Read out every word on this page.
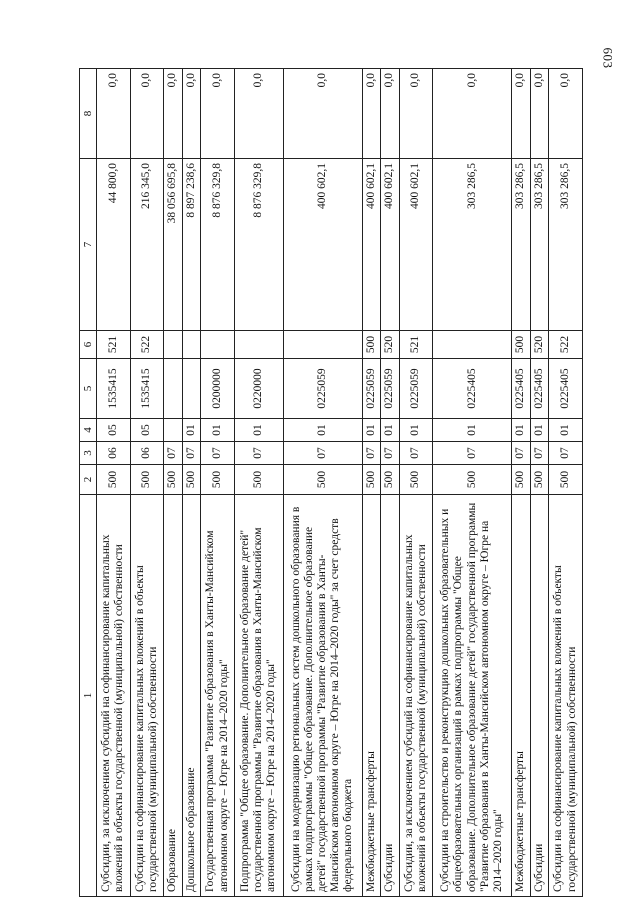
603
1	2	3	4	5	6	7	8
Субсидии, за исключением субсидий на софинансирование капитальных вложений в объекты государственной (муниципальной) собственности	500	06	05	1535415	521	44 800,0	0,0
Субсидии на софинансирование капитальных вложений в объекты государственной (муниципальной) собственности	500	06	05	1535415	522	216 345,0	0,0
Образование	500	07				38 056 695,8	0,0
Дошкольное образование	500	07	01			8 897 238,6	0,0
Государственная программа "Развитие образования в Ханты-Мансийском автономном округе – Югре на 2014–2020 годы"	500	07	01	0200000		8 876 329,8	0,0
Подпрограмма "Общее образование. Дополнительное образование детей" государственной программы "Развитие образования в Ханты-Мансийском автономном округе – Югре на 2014–2020 годы"	500	07	01	0220000		8 876 329,8	0,0
Субсидии на модернизацию региональных систем дошкольного образования в рамках подпрограммы "Общее образование. Дополнительное образование детей" государственной программы "Развитие образования в Ханты-Мансийском автономном округе – Югре на 2014–2020 годы" за счет средств федерального бюджета	500	07	01	0225059		400 602,1	0,0
Межбюджетные трансферты	500	07	01	0225059	500	400 602,1	0,0
Субсидии	500	07	01	0225059	520	400 602,1	0,0
Субсидии, за исключением субсидий на софинансирование капитальных вложений в объекты государственной (муниципальной) собственности	500	07	01	0225059	521	400 602,1	0,0
Субсидии на строительство и реконструкцию дошкольных образовательных и общеобразовательных организаций в рамках подпрограммы "Общее образование. Дополнительное образование детей" государственной программы "Развитие образования в Ханты-Мансийском автономном округе – Югре на 2014–2020 годы"	500	07	01	0225405		303 286,5	0,0
Межбюджетные трансферты	500	07	01	0225405	500	303 286,5	0,0
Субсидии	500	07	01	0225405	520	303 286,5	0,0
Субсидии на софинансирование капитальных вложений в объекты государственной (муниципальной) собственности	500	07	01	0225405	522	303 286,5	0,0
